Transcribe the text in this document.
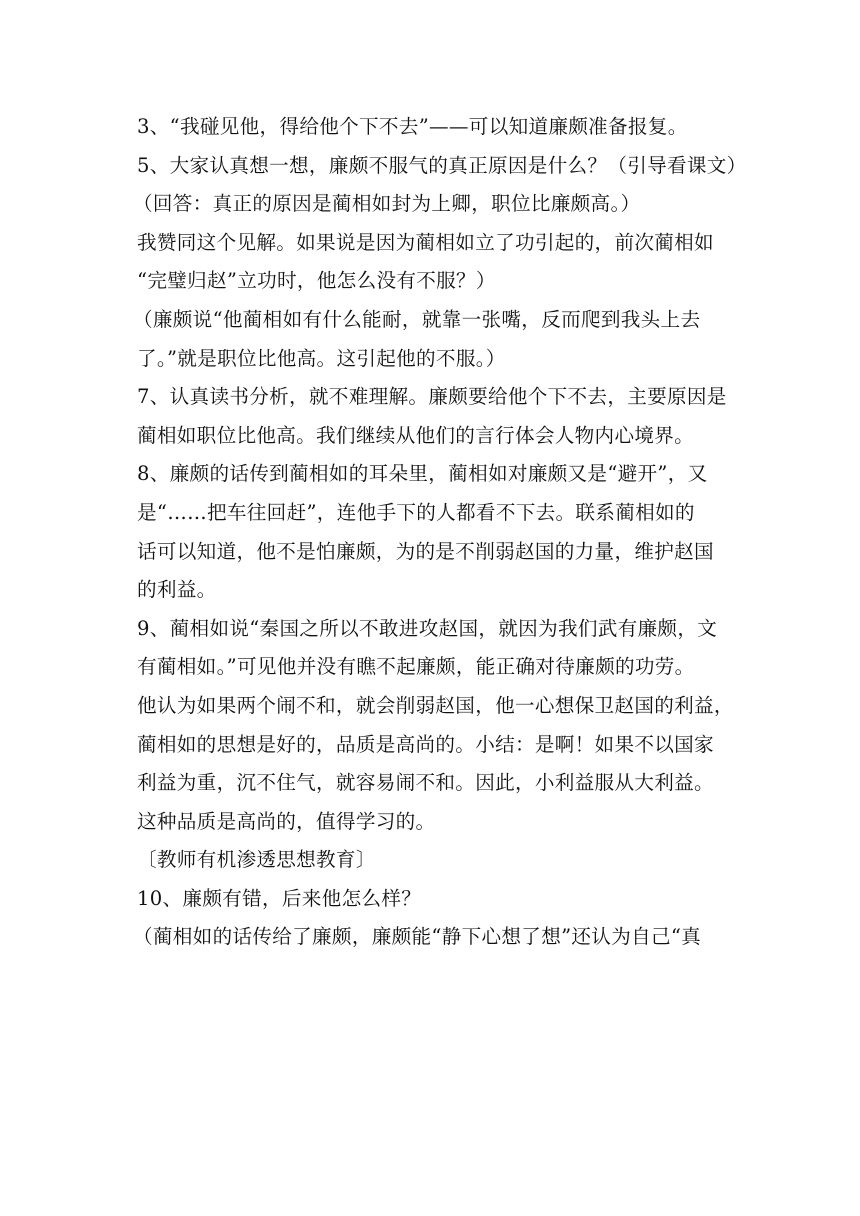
3、“我碰见他，得给他个下不去”——可以知道廉颇准备报复。
5、大家认真想一想，廉颇不服气的真正原因是什么？（引导看课文）
（回答：真正的原因是蔺相如封为上卿，职位比廉颇高。）
我赞同这个见解。如果说是因为蔺相如立了功引起的，前次蔺相如
“完璧归赵”立功时，他怎么没有不服？）
（廉颇说“他蔺相如有什么能耐，就靠一张嘴，反而爬到我头上去
了。”就是职位比他高。这引起他的不服。）
7、认真读书分析，就不难理解。廉颇要给他个下不去，主要原因是
蔺相如职位比他高。我们继续从他们的言行体会人物内心境界。
8、廉颇的话传到蔺相如的耳朵里，蔺相如对廉颇又是“避开”，又
是“……把车往回赶”，连他手下的人都看不下去。联系蔺相如的
话可以知道，他不是怕廉颇，为的是不削弱赵国的力量，维护赵国
的利益。
9、蔺相如说“秦国之所以不敢进攻赵国，就因为我们武有廉颇，文
有蔺相如。”可见他并没有瞧不起廉颇，能正确对待廉颇的功劳。
他认为如果两个闹不和，就会削弱赵国，他一心想保卫赵国的利益，
蔺相如的思想是好的，品质是高尚的。小结：是啊！如果不以国家
利益为重，沉不住气，就容易闹不和。因此，小利益服从大利益。
这种品质是高尚的，值得学习的。
〔教师有机渗透思想教育〕
10、廉颇有错，后来他怎么样？
（蔺相如的话传给了廉颇，廉颇能“静下心想了想”还认为自己“真
